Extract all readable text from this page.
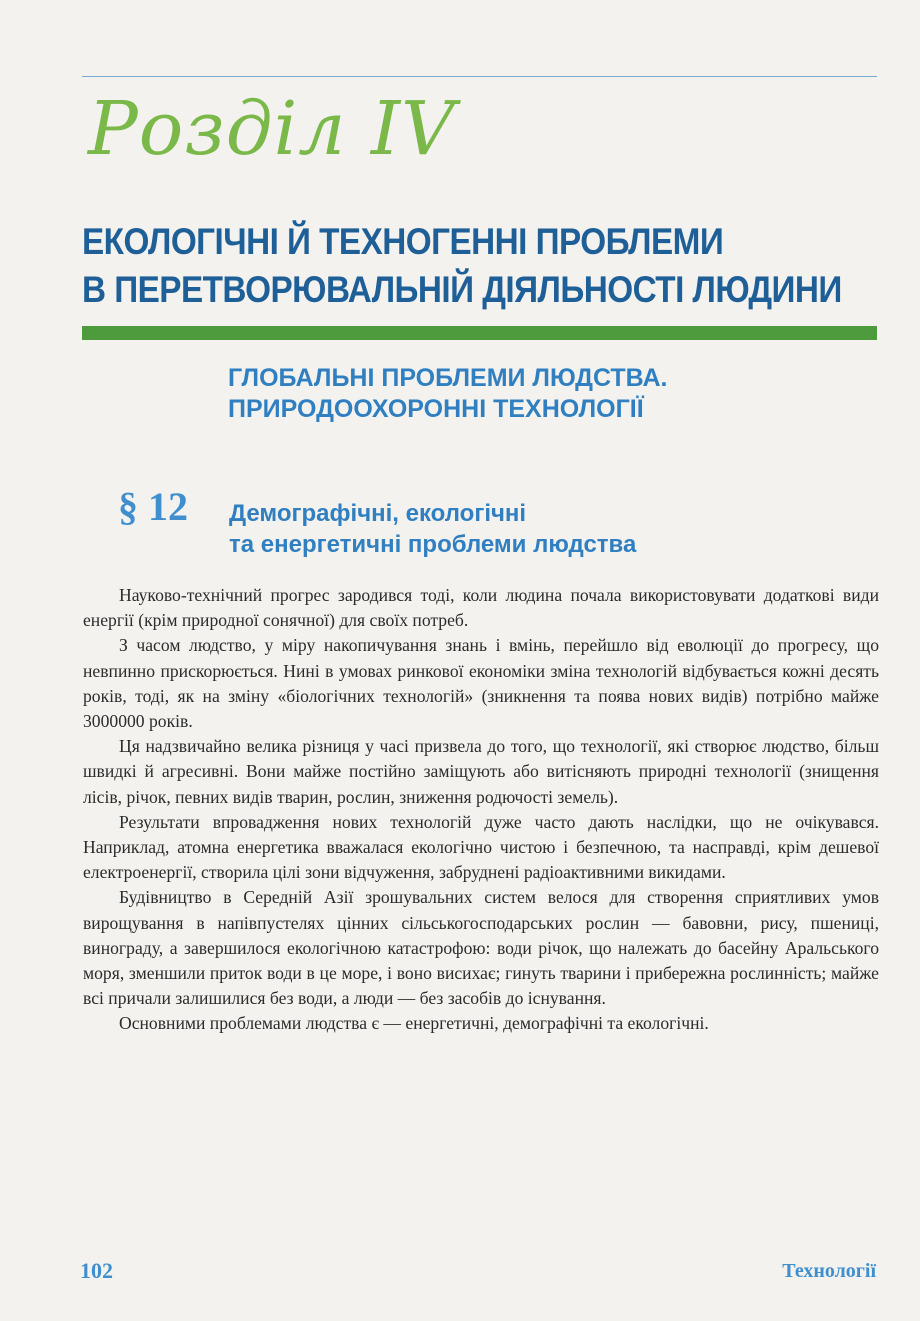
Розділ IV
ЕКОЛОГІЧНІ Й ТЕХНОГЕННІ ПРОБЛЕМИ
В ПЕРЕТВОРЮВАЛЬНІЙ ДІЯЛЬНОСТІ ЛЮДИНИ
ГЛОБАЛЬНІ ПРОБЛЕМИ ЛЮДСТВА.
ПРИРОДООХОРОННІ ТЕХНОЛОГІЇ
§ 12 Демографічні, екологічні
та енергетичні проблеми людства

Науково-технічний прогрес зародився тоді, коли людина почала використовувати додаткові види енергії (крім природної сонячної) для своїх потреб.

З часом людство, у міру накопичування знань і вмінь, перейшло від еволюції до прогресу, що невпинно прискорюється. Нині в умовах ринкової економіки зміна технологій відбувається кожні десять років, тоді, як на зміну «біологічних технологій» (зникнення та поява нових видів) потрібно майже 3000000 років.

Ця надзвичайно велика різниця у часі призвела до того, що технології, які створює людство, більш швидкі й агресивні. Вони майже постійно заміщують або витісняють природні технології (знищення лісів, річок, певних видів тварин, рослин, зниження родючості земель).

Результати впровадження нових технологій дуже часто дають наслідки, що не очікувався. Наприклад, атомна енергетика вважалася екологічно чистою і безпечною, та насправді, крім дешевої електроенергії, створила цілі зони відчуження, забруднені радіоактивними викидами.

Будівництво в Середній Азії зрошувальних систем велося для створення сприятливих умов вирощування в напівпустелях цінних сільськогосподарських рослин — бавовни, рису, пшениці, винограду, а завершилося екологічною катастрофою: води річок, що належать до басейну Аральського моря, зменшили приток води в це море, і воно висихає; гинуть тварини і прибережна рослинність; майже всі причали залишилися без води, а люди — без засобів до існування.

Основними проблемами людства є — енергетичні, демографічні та екологічні.

102	Технології
